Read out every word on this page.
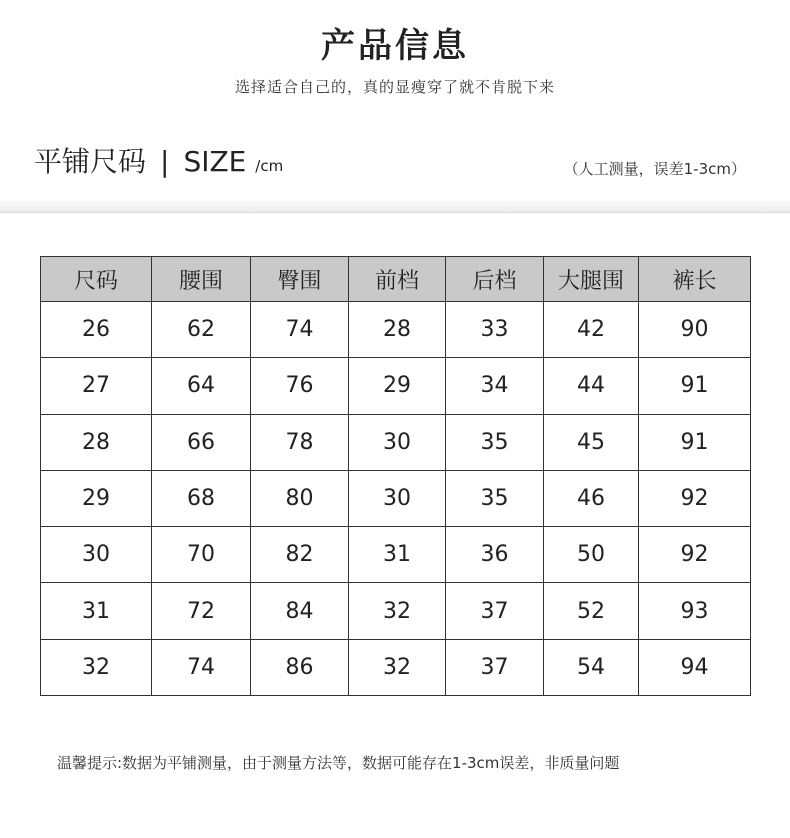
产品信息
选择适合自己的，真的显瘦穿了就不肯脱下来
平铺尺码 | SIZE /cm	（人工测量，误差1-3cm）
尺码	腰围	臀围	前档	后档	大腿围	裤长
26	62	74	28	33	42	90
27	64	76	29	34	44	91
28	66	78	30	35	45	91
29	68	80	30	35	46	92
30	70	82	31	36	50	92
31	72	84	32	37	52	93
32	74	86	32	37	54	94
温馨提示:数据为平铺测量，由于测量方法等，数据可能存在1-3cm误差，非质量问题
